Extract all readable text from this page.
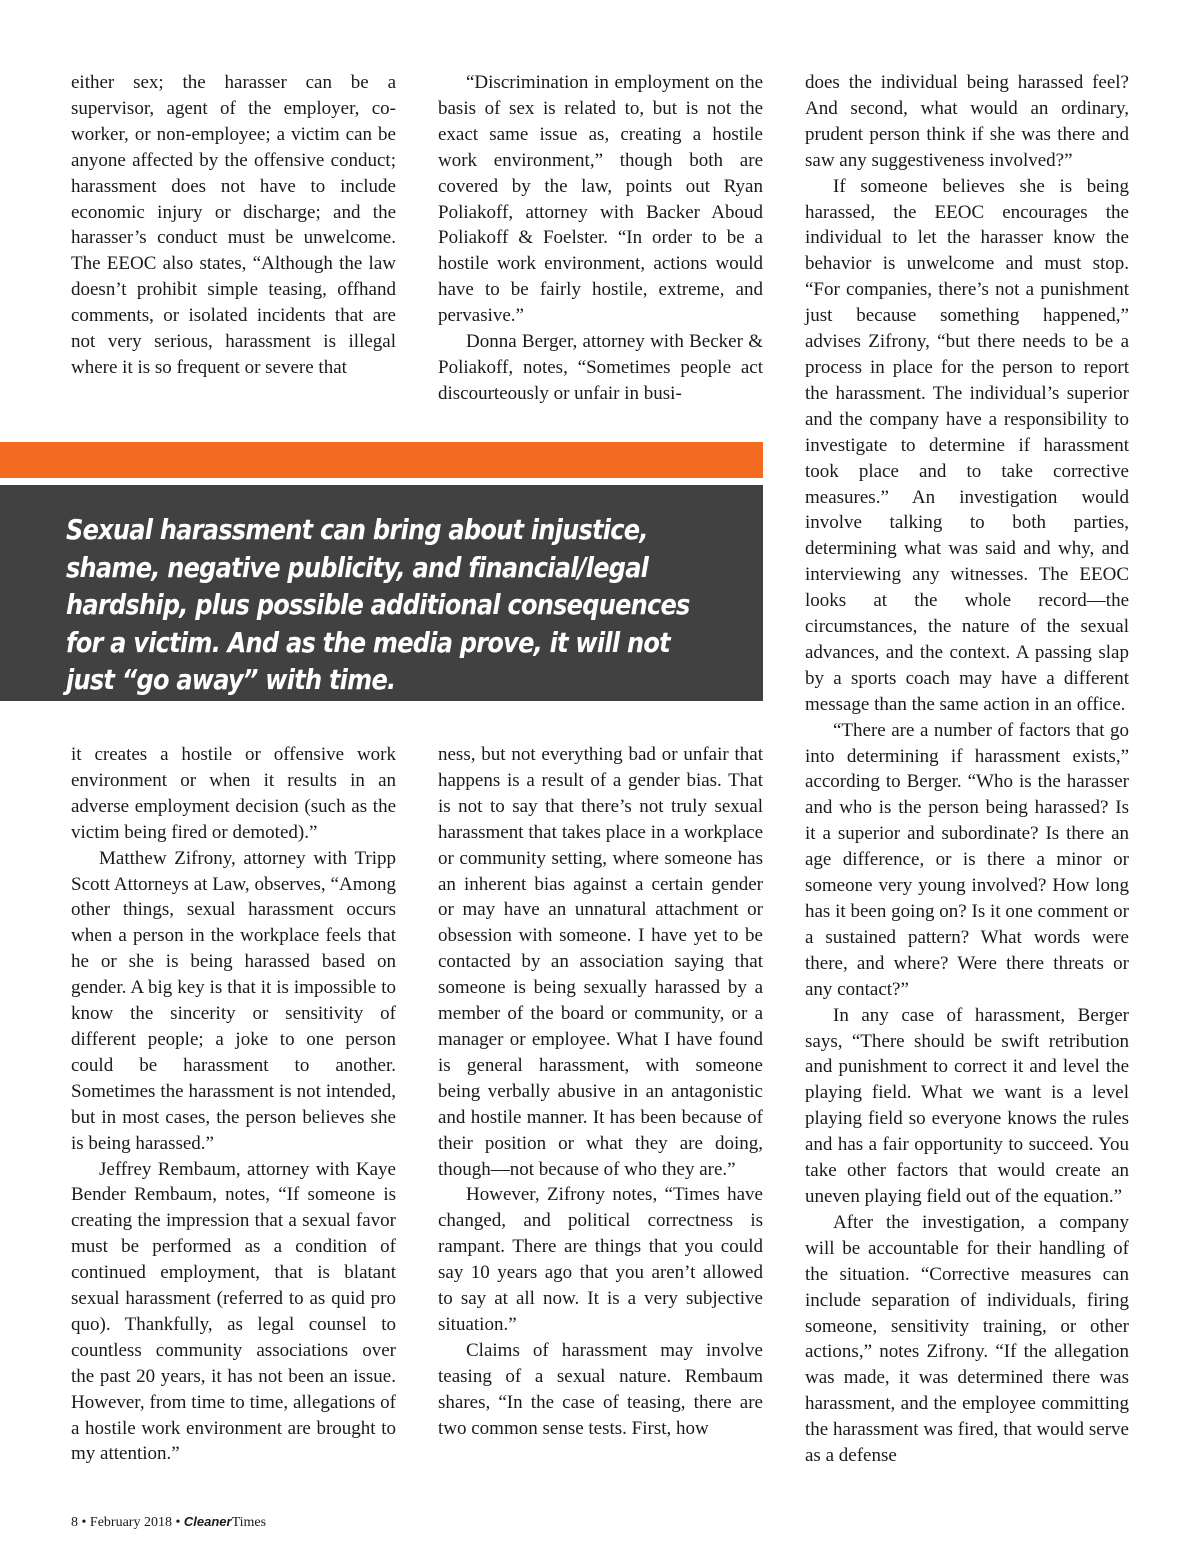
either sex; the harasser can be a supervisor, agent of the employer, co-worker, or non-employee; a victim can be anyone affected by the offensive conduct; harassment does not have to include economic injury or discharge; and the harasser’s conduct must be unwelcome. The EEOC also states, “Although the law doesn’t prohibit simple teasing, offhand comments, or isolated incidents that are not very serious, harassment is illegal where it is so frequent or severe that

“Discrimination in employment on the basis of sex is related to, but is not the exact same issue as, creating a hostile work environment,” though both are covered by the law, points out Ryan Poliakoff, attorney with Backer Aboud Poliakoff & Foelster. “In order to be a hostile work environment, actions would have to be fairly hostile, extreme, and pervasive.”

Donna Berger, attorney with Becker & Poliakoff, notes, “Sometimes people act discourteously or unfair in busi-

Sexual harassment can bring about injustice, shame, negative publicity, and financial/legal hardship, plus possible additional consequences for a victim. And as the media prove, it will not just “go away” with time.

it creates a hostile or offensive work environment or when it results in an adverse employment decision (such as the victim being fired or demoted).”

Matthew Zifrony, attorney with Tripp Scott Attorneys at Law, observes, “Among other things, sexual harassment occurs when a person in the workplace feels that he or she is being harassed based on gender. A big key is that it is impossible to know the sincerity or sensitivity of different people; a joke to one person could be harassment to another. Sometimes the harassment is not intended, but in most cases, the person believes she is being harassed.”

Jeffrey Rembaum, attorney with Kaye Bender Rembaum, notes, “If someone is creating the impression that a sexual favor must be performed as a condition of continued employment, that is blatant sexual harassment (referred to as quid pro quo). Thankfully, as legal counsel to countless community associations over the past 20 years, it has not been an issue. However, from time to time, allegations of a hostile work environment are brought to my attention.”

ness, but not everything bad or unfair that happens is a result of a gender bias. That is not to say that there’s not truly sexual harassment that takes place in a workplace or community setting, where someone has an inherent bias against a certain gender or may have an unnatural attachment or obsession with someone. I have yet to be contacted by an association saying that someone is being sexually harassed by a member of the board or community, or a manager or employee. What I have found is general harassment, with someone being verbally abusive in an antagonistic and hostile manner. It has been because of their position or what they are doing, though—not because of who they are.”

However, Zifrony notes, “Times have changed, and political correctness is rampant. There are things that you could say 10 years ago that you aren’t allowed to say at all now. It is a very subjective situation.”

Claims of harassment may involve teasing of a sexual nature. Rembaum shares, “In the case of teasing, there are two common sense tests. First, how

does the individual being harassed feel? And second, what would an ordinary, prudent person think if she was there and saw any suggestiveness involved?”

If someone believes she is being harassed, the EEOC encourages the individual to let the harasser know the behavior is unwelcome and must stop. “For companies, there’s not a punishment just because something happened,” advises Zifrony, “but there needs to be a process in place for the person to report the harassment. The individual’s superior and the company have a responsibility to investigate to determine if harassment took place and to take corrective measures.” An investigation would involve talking to both parties, determining what was said and why, and interviewing any witnesses. The EEOC looks at the whole record—the circumstances, the nature of the sexual advances, and the context. A passing slap by a sports coach may have a different message than the same action in an office.

“There are a number of factors that go into determining if harassment exists,” according to Berger. “Who is the harasser and who is the person being harassed? Is it a superior and subordinate? Is there an age difference, or is there a minor or someone very young involved? How long has it been going on? Is it one comment or a sustained pattern? What words were there, and where? Were there threats or any contact?”

In any case of harassment, Berger says, “There should be swift retribution and punishment to correct it and level the playing field. What we want is a level playing field so everyone knows the rules and has a fair opportunity to succeed. You take other factors that would create an uneven playing field out of the equation.”

After the investigation, a company will be accountable for their handling of the situation. “Corrective measures can include separation of individuals, firing someone, sensitivity training, or other actions,” notes Zifrony. “If the allegation was made, it was determined there was harassment, and the employee committing the harassment was fired, that would serve as a defense

8 • February 2018 • CleanerTimes
